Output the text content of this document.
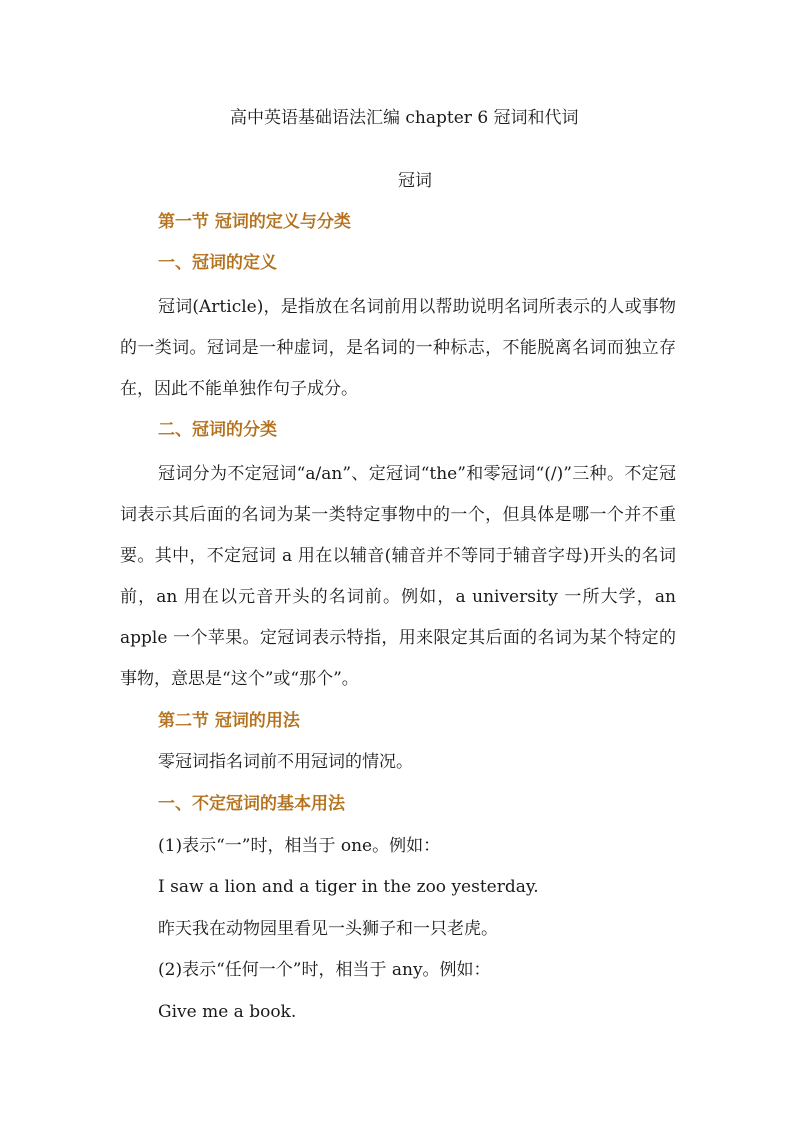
高中英语基础语法汇编 chapter 6 冠词和代词
冠词
第一节 冠词的定义与分类
一、冠词的定义
冠词(Article)，是指放在名词前用以帮助说明名词所表示的人或事物的一类词。冠词是一种虚词，是名词的一种标志，不能脱离名词而独立存在，因此不能单独作句子成分。
二、冠词的分类
冠词分为不定冠词“a/an”、定冠词“the”和零冠词“(/)”三种。不定冠词表示其后面的名词为某一类特定事物中的一个，但具体是哪一个并不重要。其中，不定冠词 a 用在以辅音(辅音并不等同于辅音字母)开头的名词前，an 用在以元音开头的名词前。例如，a university 一所大学，an apple 一个苹果。定冠词表示特指，用来限定其后面的名词为某个特定的事物，意思是“这个”或“那个”。
第二节 冠词的用法
零冠词指名词前不用冠词的情况。
一、不定冠词的基本用法
(1)表示“一”时，相当于 one。例如：
I saw a lion and a tiger in the zoo yesterday.
昨天我在动物园里看见一头狮子和一只老虎。
(2)表示“任何一个”时，相当于 any。例如：
Give me a book.
